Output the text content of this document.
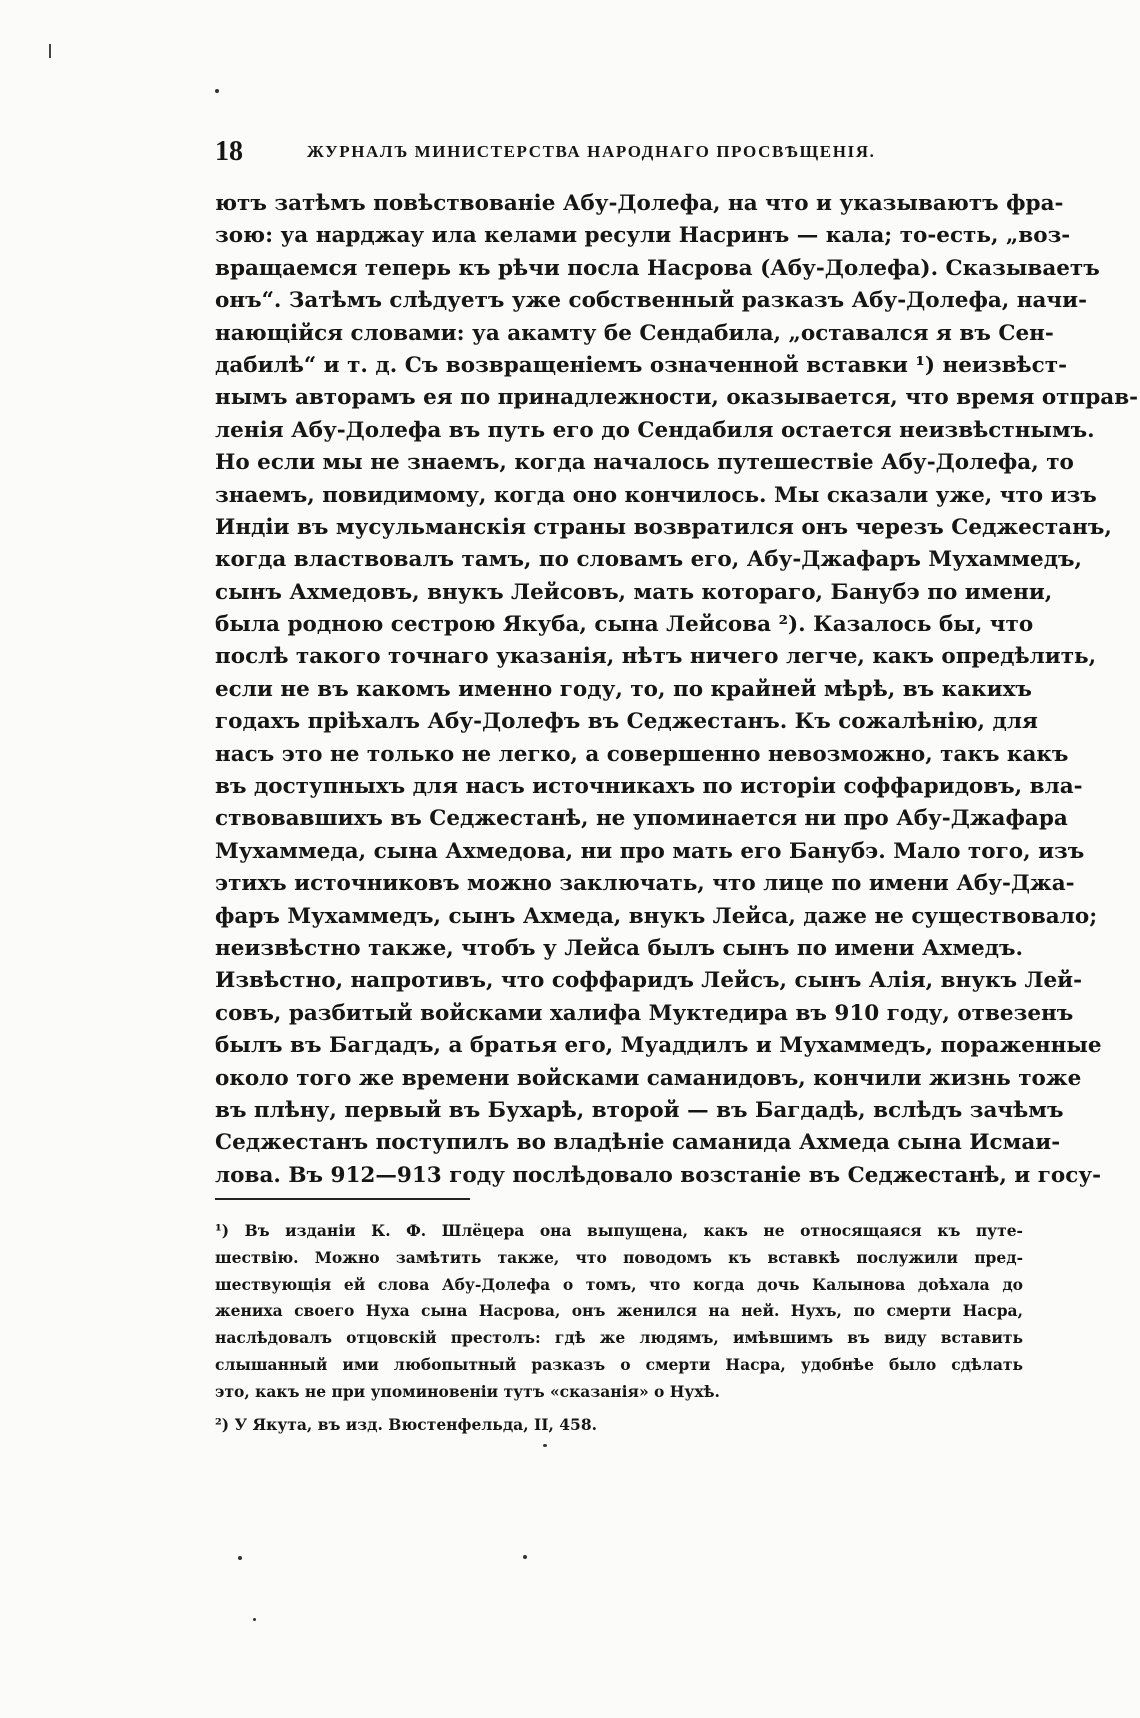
18	ЖУРНАЛЪ МИНИСТЕРСТВА НАРОДНАГО ПРОСВѢЩЕНІЯ.
ютъ затѣмъ повѣствованіе Абу-Долефа, на что и указываютъ фра-
зою: уа нарджау ила келами ресули Насринъ — кала; то-есть, „воз-
вращаемся теперь къ рѣчи посла Насрова (Абу-Долефа). Сказываетъ
онъ“. Затѣмъ слѣдуетъ уже собственный разказъ Абу-Долефа, начи-
нающійся словами: уа акамту бе Сендабила, „оставался я въ Сен-
дабилѣ“ и т. д. Съ возвращеніемъ означенной вставки ¹) неизвѣст-
нымъ авторамъ ея по принадлежности, оказывается, что время отправ-
ленія Абу-Долефа въ путь его до Сендабиля остается неизвѣстнымъ.
Но если мы не знаемъ, когда началось путешествіе Абу-Долефа, то
знаемъ, повидимому, когда оно кончилось. Мы сказали уже, что изъ
Индіи въ мусульманскія страны возвратился онъ черезъ Седжестанъ,
когда властвовалъ тамъ, по словамъ его, Абу-Джафаръ Мухаммедъ,
сынъ Ахмедовъ, внукъ Лейсовъ, мать котораго, Банубэ по имени,
была родною сестрою Якуба, сына Лейсова ²). Казалось бы, что
послѣ такого точнаго указанія, нѣтъ ничего легче, какъ опредѣлить,
если не въ какомъ именно году, то, по крайней мѣрѣ, въ какихъ
годахъ пріѣхалъ Абу-Долефъ въ Седжестанъ. Къ сожалѣнію, для
насъ это не только не легко, а совершенно невозможно, такъ какъ
въ доступныхъ для насъ источникахъ по исторіи соффаридовъ, вла-
ствовавшихъ въ Седжестанѣ, не упоминается ни про Абу-Джафара
Мухаммеда, сына Ахмедова, ни про мать его Банубэ. Мало того, изъ
этихъ источниковъ можно заключать, что лице по имени Абу-Джа-
фаръ Мухаммедъ, сынъ Ахмеда, внукъ Лейса, даже не существовало;
неизвѣстно также, чтобъ у Лейса былъ сынъ по имени Ахмедъ.
Извѣстно, напротивъ, что соффаридъ Лейсъ, сынъ Алія, внукъ Лей-
совъ, разбитый войсками халифа Муктедира въ 910 году, отвезенъ
былъ въ Багдадъ, а братья его, Муаддилъ и Мухаммедъ, пораженные
около того же времени войсками саманидовъ, кончили жизнь тоже
въ плѣну, первый въ Бухарѣ, второй — въ Багдадѣ, вслѣдъ зачѣмъ
Седжестанъ поступилъ во владѣніе саманида Ахмеда сына Исмаи-
лова. Въ 912—913 году послѣдовало возстаніе въ Седжестанѣ, и госу-
¹) Въ изданіи К. Ф. Шлёцера она выпущена, какъ не относящаяся къ путе-
шествію. Можно замѣтить также, что поводомъ къ вставкѣ послужили пред-
шествующія ей слова Абу-Долефа о томъ, что когда дочь Калынова доѣхала до
жениха своего Нуха сына Насрова, онъ женился на ней. Нухъ, по смерти Насра,
наслѣдовалъ отцовскій престолъ: гдѣ же людямъ, имѣвшимъ въ виду вставить
слышанный ими любопытный разказъ о смерти Насра, удобнѣе было сдѣлать
это, какъ не при упоминовеніи тутъ «сказанія» о Нухѣ.
²) У Якута, въ изд. Вюстенфельда, II, 458.
